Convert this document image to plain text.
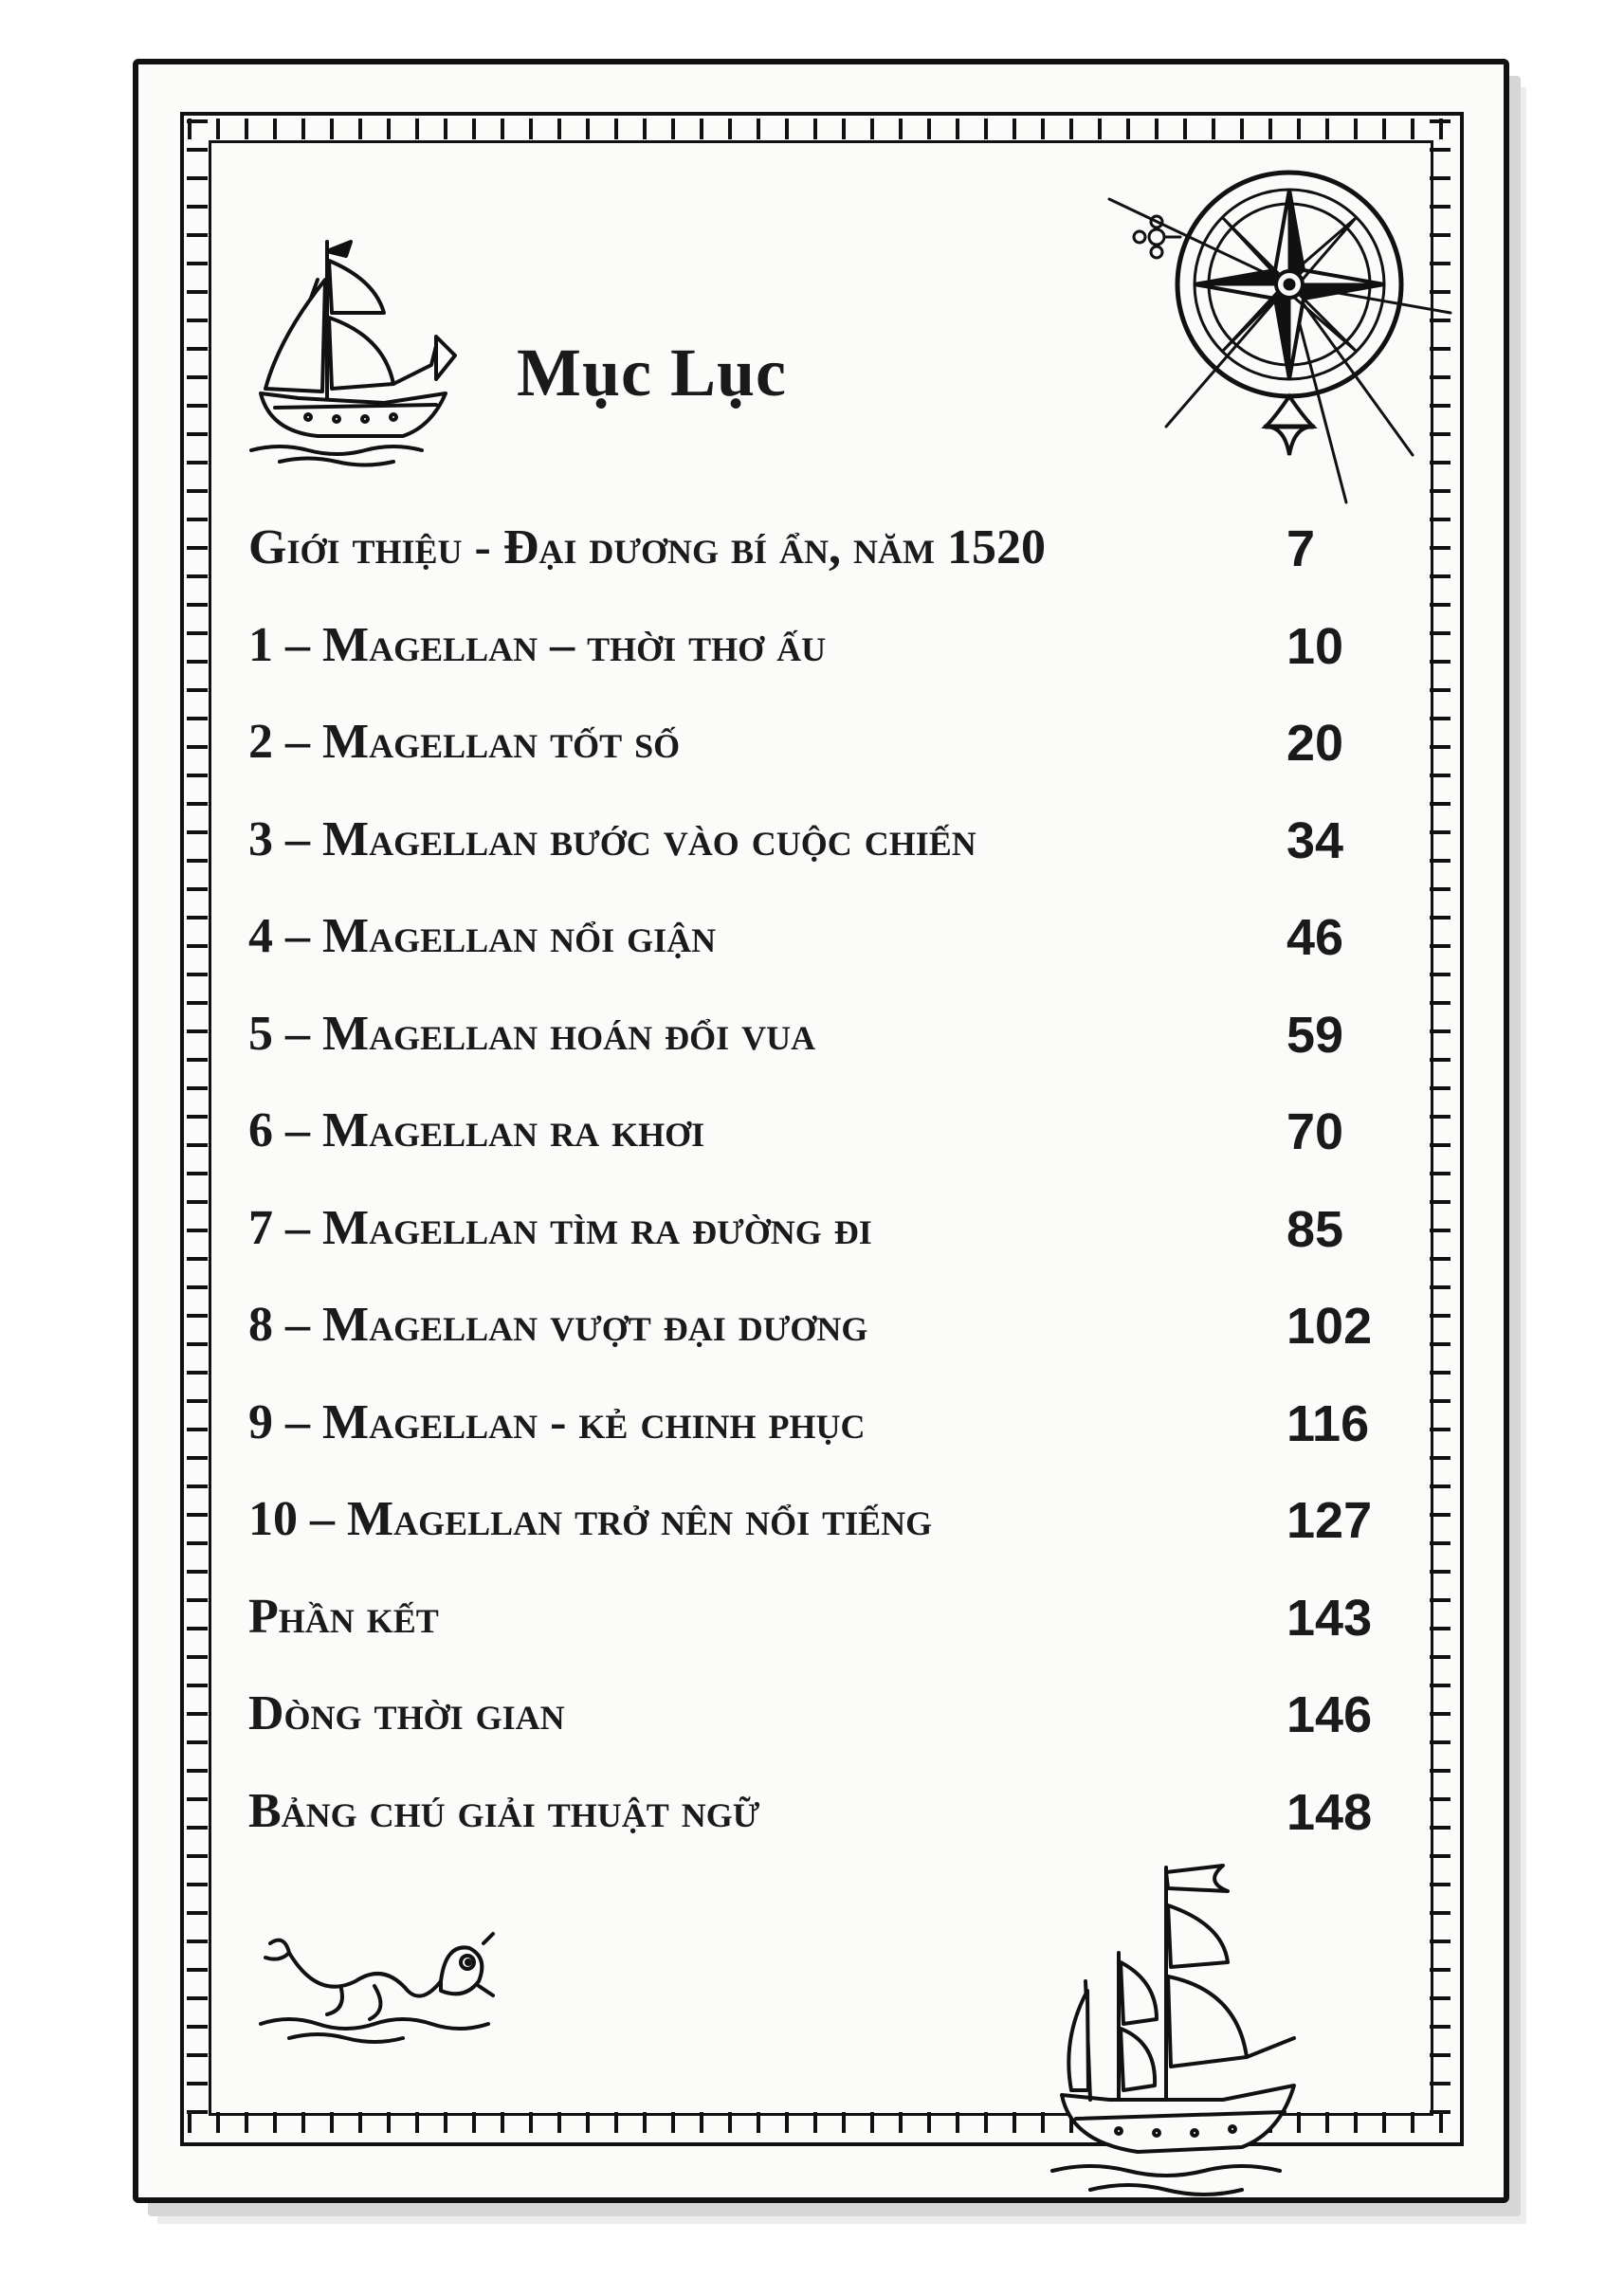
Mục Lục
Giới thiệu - Đại dương bí ẩn, năm 1520	7
1 – Magellan – thời thơ ấu	10
2 – Magellan tốt số	20
3 – Magellan bước vào cuộc chiến	34
4 – Magellan nổi giận	46
5 – Magellan hoán đổi vua	59
6 – Magellan ra khơi	70
7 – Magellan tìm ra đường đi	85
8 – Magellan vượt đại dương	102
9 – Magellan - kẻ chinh phục	116
10 – Magellan trở nên nổi tiếng	127
Phần kết	143
Dòng thời gian	146
Bảng chú giải thuật ngữ	148
